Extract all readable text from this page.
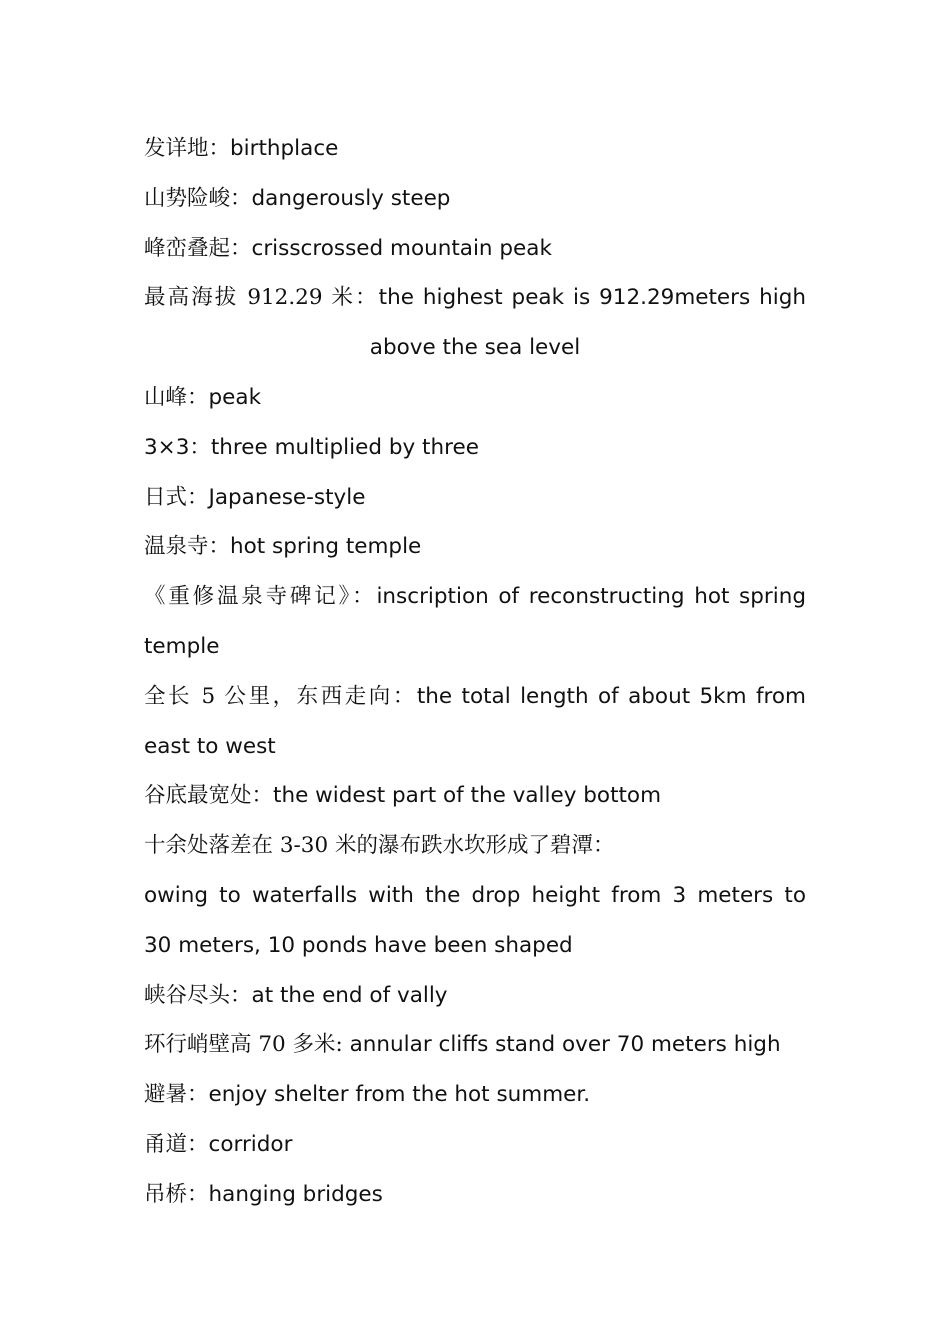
发详地：birthplace
山势险峻：dangerously steep
峰峦叠起：crisscrossed mountain peak
最高海拔 912.29 米：the highest peak is 912.29meters high
above the sea level
山峰：peak
3×3：three multiplied by three
日式：Japanese-style
温泉寺：hot spring temple
《重修温泉寺碑记》：inscription of reconstructing hot spring
temple
全长 5 公里，东西走向：the total length of about 5km from
east to west
谷底最宽处：the widest part of the valley bottom
十余处落差在 3-30 米的瀑布跌水坎形成了碧潭：
owing to waterfalls with the drop height from 3 meters to
30 meters, 10 ponds have been shaped
峡谷尽头：at the end of vally
环行峭壁高 70 多米: annular cliffs stand over 70 meters high
避暑：enjoy shelter from the hot summer.
甬道：corridor
吊桥：hanging bridges
